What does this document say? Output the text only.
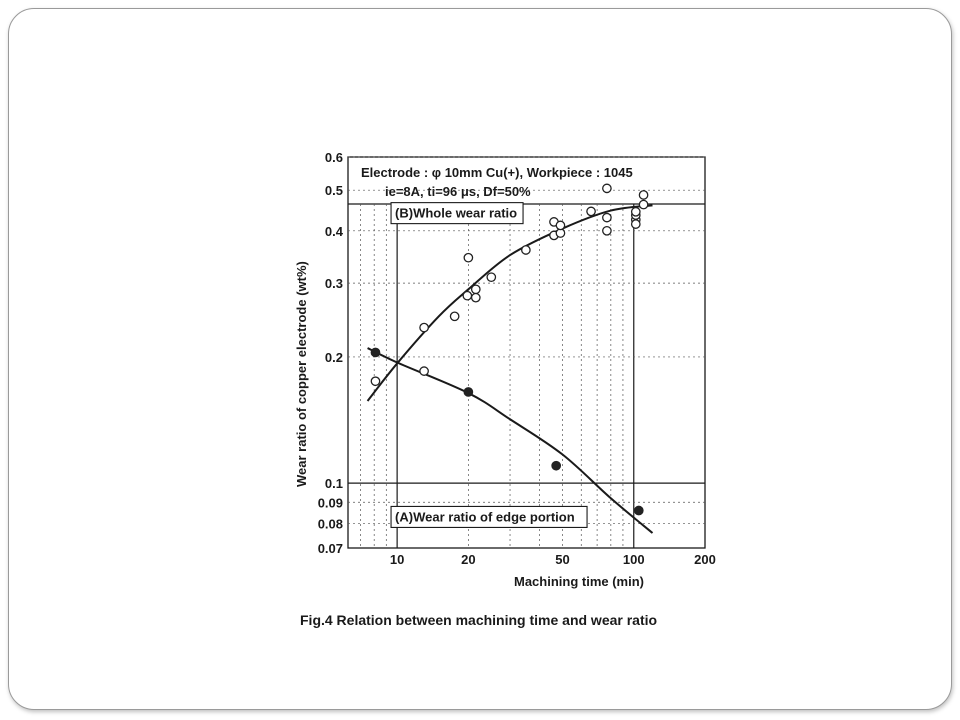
Electrode : φ 10mm Cu(+), Workpiece : 1045
ie=8A, ti=96 μs, Df=50%
10	20	50	100	200
0.6
0.5
0.4
0.3
0.2
0.1
0.09
0.08
0.07
(B)Whole wear ratio
(A)Wear ratio of edge portion
Machining time (min)
Wear ratio of copper electrode (wt%)
Fig.4 Relation between machining time and wear ratio
